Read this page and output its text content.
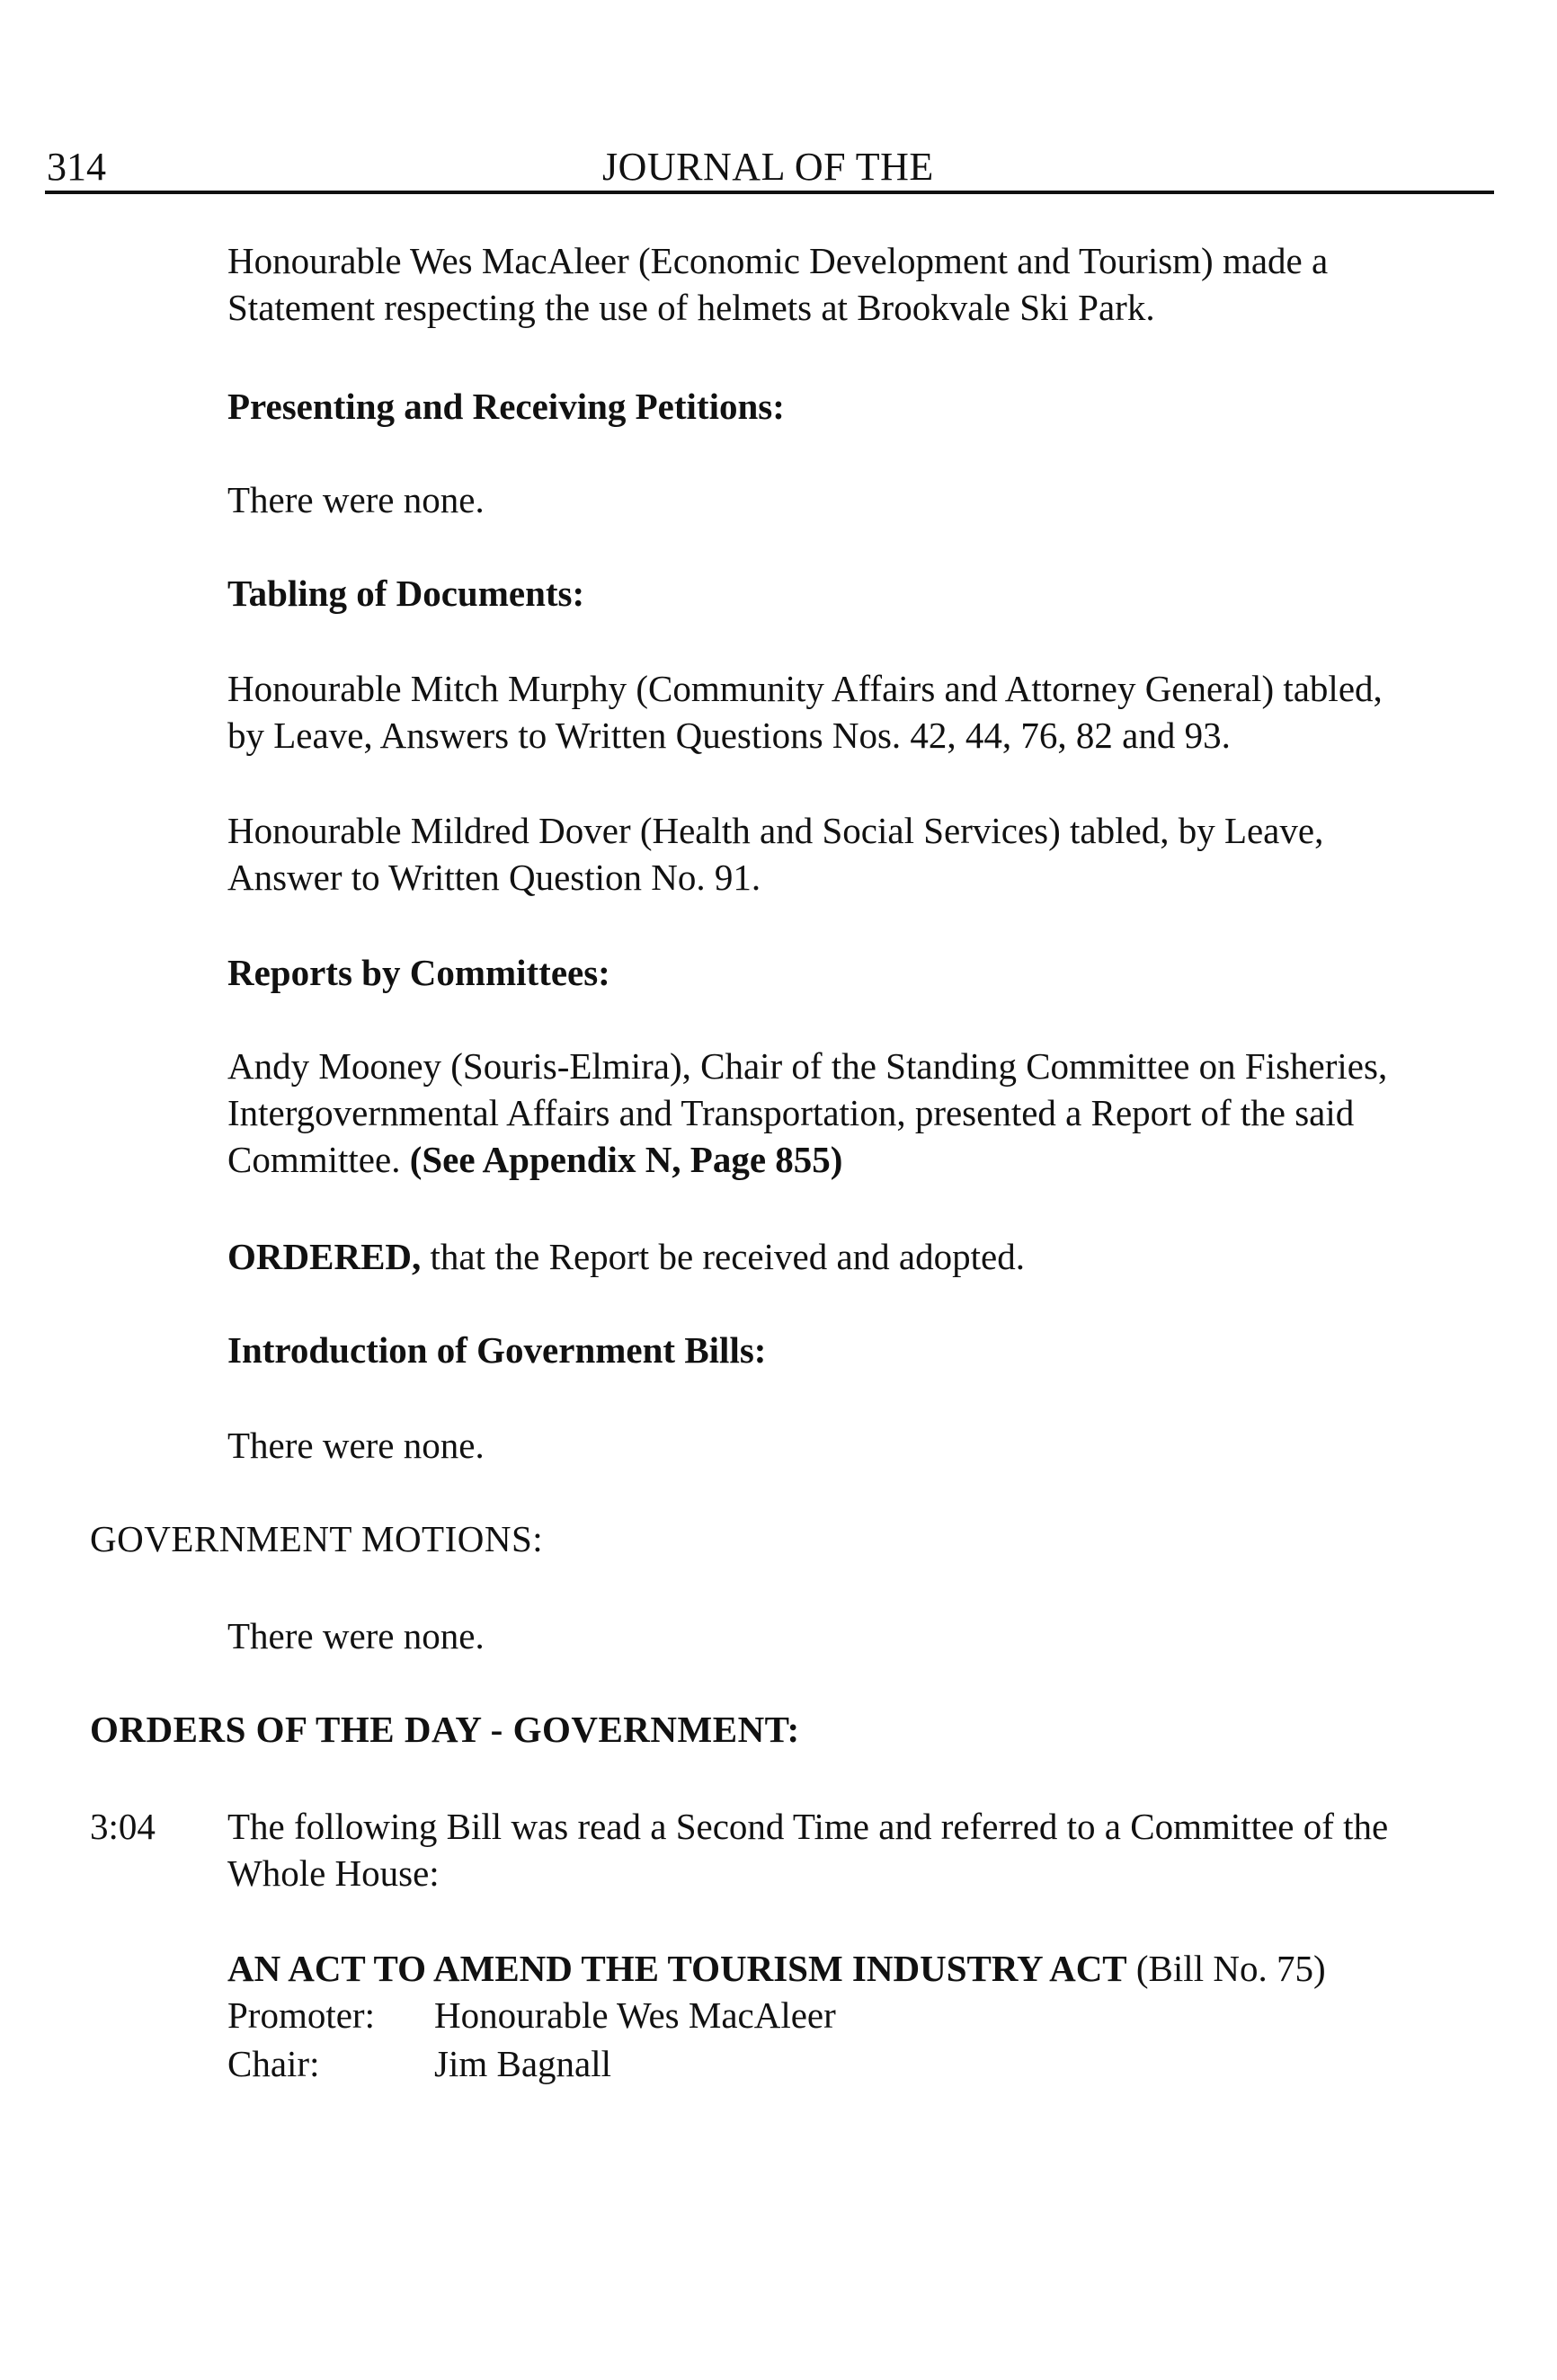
314	JOURNAL OF THE
Honourable Wes MacAleer (Economic Development and Tourism) made a
Statement respecting the use of helmets at Brookvale Ski Park.
Presenting and Receiving Petitions:
There were none.
Tabling of Documents:
Honourable Mitch Murphy (Community Affairs and Attorney General) tabled,
by Leave, Answers to Written Questions Nos. 42, 44, 76, 82 and 93.
Honourable Mildred Dover (Health and Social Services) tabled, by Leave,
Answer to Written Question No. 91.
Reports by Committees:
Andy Mooney (Souris-Elmira), Chair of the Standing Committee on Fisheries,
Intergovernmental Affairs and Transportation, presented a Report of the said
Committee. (See Appendix N, Page 855)
ORDERED, that the Report be received and adopted.
Introduction of Government Bills:
There were none.
GOVERNMENT MOTIONS:
There were none.
ORDERS OF THE DAY - GOVERNMENT:
3:04 The following Bill was read a Second Time and referred to a Committee of the
Whole House:
AN ACT TO AMEND THE TOURISM INDUSTRY ACT (Bill No. 75)
Promoter: Honourable Wes MacAleer
Chair:	Jim Bagnall
